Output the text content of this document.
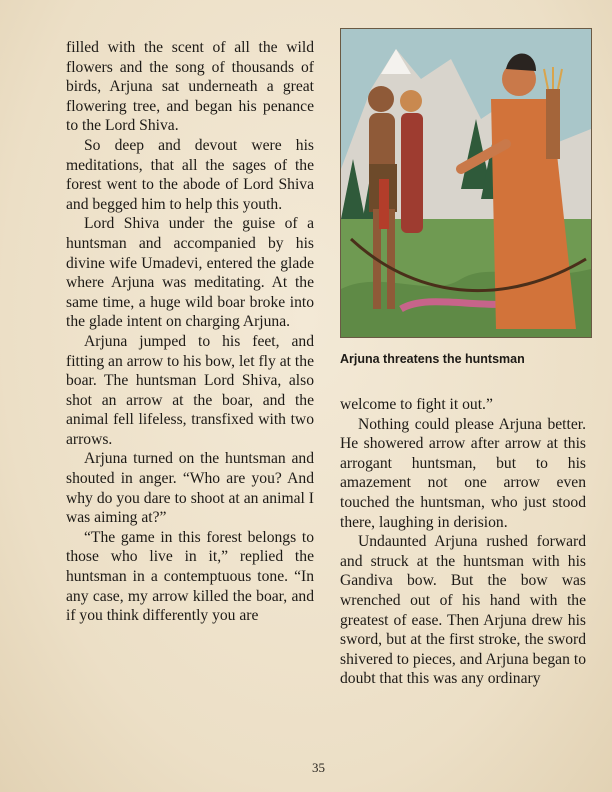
filled with the scent of all the wild flowers and the song of thousands of birds, Arjuna sat underneath a great flowering tree, and began his penance to the Lord Shiva.

So deep and devout were his meditations, that all the sages of the forest went to the abode of Lord Shiva and begged him to help this youth.

Lord Shiva under the guise of a huntsman and accompanied by his divine wife Umadevi, entered the glade where Arjuna was meditating. At the same time, a huge wild boar broke into the glade intent on charging Arjuna.

Arjuna jumped to his feet, and fitting an arrow to his bow, let fly at the boar. The huntsman Lord Shiva, also shot an arrow at the boar, and the animal fell lifeless, transfixed with two arrows.

Arjuna turned on the huntsman and shouted in anger. “Who are you? And why do you dare to shoot at an animal I was aiming at?”

“The game in this forest belongs to those who live in it,” replied the huntsman in a contemptuous tone. “In any case, my arrow killed the boar, and if you think differently you are

Arjuna threatens the huntsman

welcome to fight it out.”

Nothing could please Arjuna better. He showered arrow after arrow at this arrogant huntsman, but to his amazement not one arrow even touched the huntsman, who just stood there, laughing in derision.

Undaunted Arjuna rushed forward and struck at the huntsman with his Gandiva bow. But the bow was wrenched out of his hand with the greatest of ease. Then Arjuna drew his sword, but at the first stroke, the sword shivered to pieces, and Arjuna began to doubt that this was any ordinary

35
